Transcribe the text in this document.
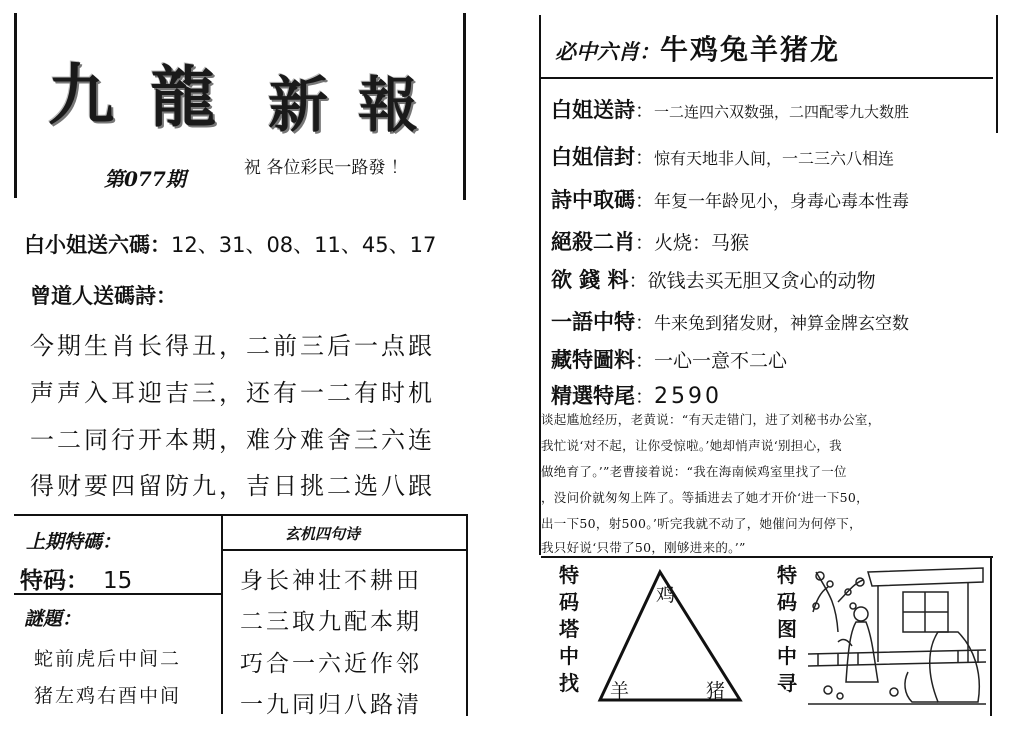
九 龍 新 報
第077期	祝 各位彩民一路發 ！
白小姐送六碼：12、31、08、11、45、17
曾道人送碼詩：
今期生肖长得丑，二前三后一点跟
声声入耳迎吉三，还有一二有时机
一二同行开本期，难分难舍三六连
得财要四留防九，吉日挑二选八跟
上期特碼：
特码： 15
謎題：
蛇前虎后中间二
猪左鸡右酉中间
玄机四句诗
身长神壮不耕田
二三取九配本期
巧合一六近作邻
一九同归八路清
必中六肖：牛鸡兔羊猪龙
白姐送詩：一二连四六双数强，二四配零九大数胜
白姐信封：惊有天地非人间，一二三六八相连
詩中取碼：年复一年龄见小，身毒心毒本性毒
絕殺二肖：火烧：马猴
欲 錢 料：欲钱去买无胆又贪心的动物
一語中特：牛来兔到猪发财，神算金牌玄空数
藏特圖料：一心一意不二心
精選特尾：2590
谈起尴尬经历，老黄说：“有天走错门，进了刘秘书办公室，
我忙说‘对不起，让你受惊啦。’她却悄声说‘别担心，我
做绝育了。’”老曹接着说：“我在海南候鸡室里找了一位
，没问价就匆匆上阵了。等插进去了她才开价‘进一下50，
出一下50，射500。’听完我就不动了，她催问为何停下，
我只好说‘只带了50，刚够进来的。’”
特
码
塔
中
找
鸡
羊	猪
特
码
图
中
寻
